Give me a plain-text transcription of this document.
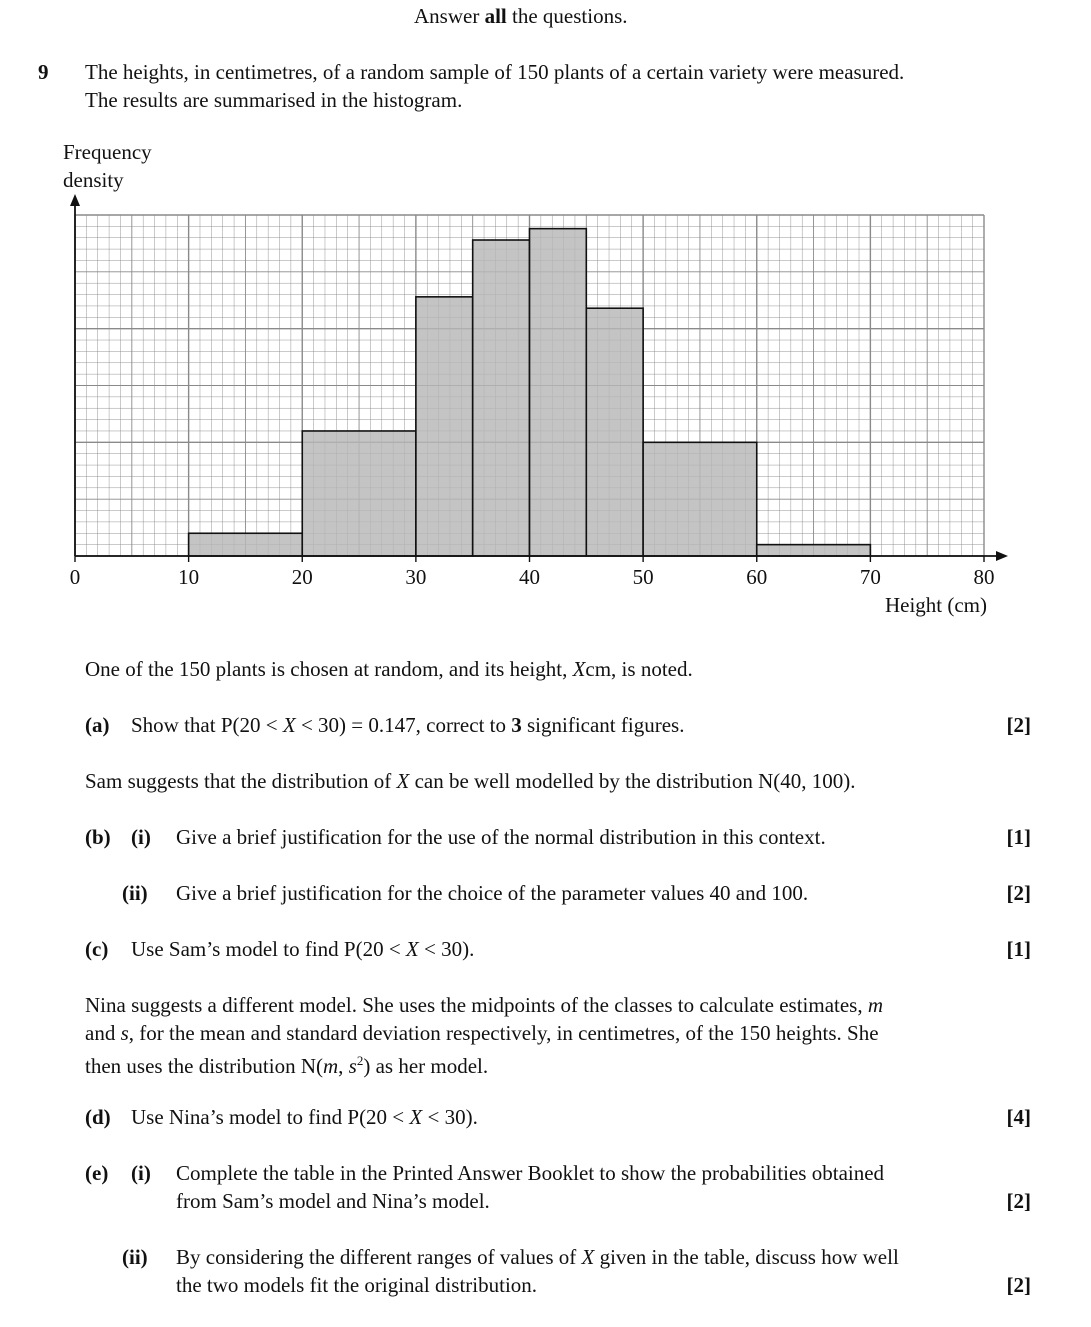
Answer all the questions.
9 The heights, in centimetres, of a random sample of 150 plants of a certain variety were measured.
The results are summarised in the histogram.
0	10	20	30	40	50	60	70	80
Frequency
density
Height (cm)
One of the 150 plants is chosen at random, and its height, Xcm, is noted.
(a) Show that P(20 < X < 30) = 0.147, correct to 3 significant figures.	[2]
Sam suggests that the distribution of X can be well modelled by the distribution N(40, 100).
(b) (i) Give a brief justification for the use of the normal distribution in this context.	[1]
(ii) Give a brief justification for the choice of the parameter values 40 and 100.	[2]
(c) Use Sam’s model to find P(20 < X < 30).	[1]
Nina suggests a different model. She uses the midpoints of the classes to calculate estimates, m
and s, for the mean and standard deviation respectively, in centimetres, of the 150 heights. She
then uses the distribution N(m, $s^2$) as her model.
(d) Use Nina’s model to find P(20 < X < 30).	[4]
(e) (i) Complete the table in the Printed Answer Booklet to show the probabilities obtained
from Sam’s model and Nina’s model.	[2]
(ii) By considering the different ranges of values of X given in the table, discuss how well
the two models fit the original distribution.	[2]
